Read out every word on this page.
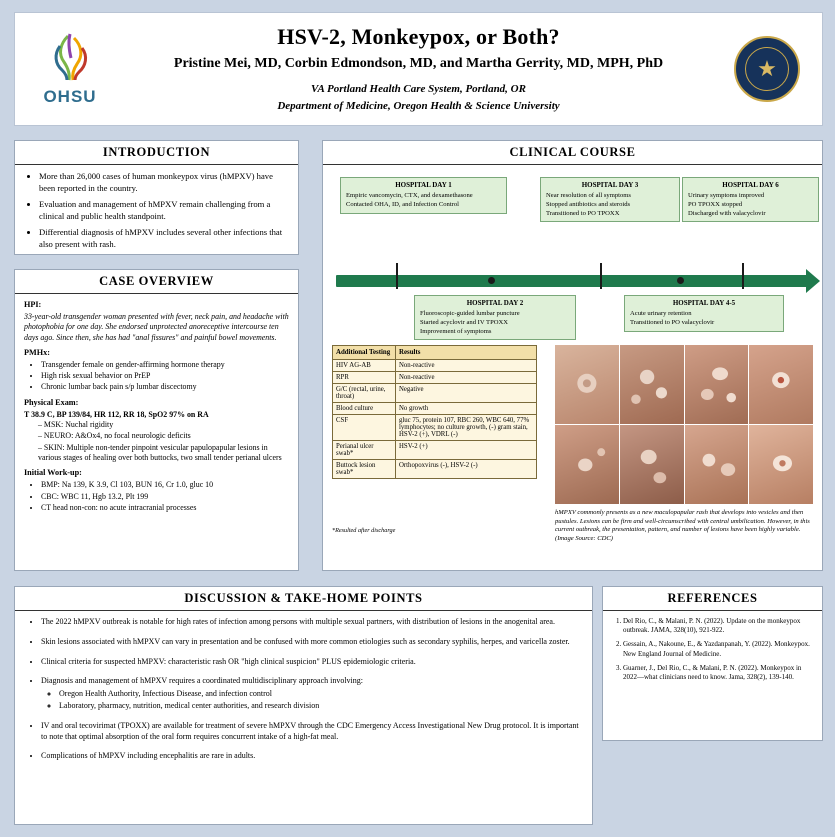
OHSU
HSV-2, Monkeypox, or Both?
Pristine Mei, MD, Corbin Edmondson, MD, and Martha Gerrity, MD, MPH, PhD
VA Portland Health Care System, Portland, OR
Department of Medicine, Oregon Health & Science University
★
INTRODUCTION
• More than 26,000 cases of human monkeypox virus (hMPXV) have been reported in the country.
• Evaluation and management of hMPXV remain challenging from a clinical and public health standpoint.
• Differential diagnosis of hMPXV includes several other infections that also present with rash.
CASE OVERVIEW
HPI:
33-year-old transgender woman presented with fever, neck pain, and headache with photophobia for one day. She endorsed unprotected anoreceptive intercourse ten days ago. Since then, she has had "anal fissures" and painful bowel movements.
PMHx:
• Transgender female on gender-affirming hormone therapy
• High risk sexual behavior on PrEP
• Chronic lumbar back pain s/p lumbar discectomy
Physical Exam:
T 38.9 C, BP 139/84, HR 112, RR 18, SpO2 97% on RA
– MSK: Nuchal rigidity
– NEURO: A&Ox4, no focal neurologic deficits
– SKIN: Multiple non-tender pinpoint vesicular papulopapular lesions in various stages of healing over both buttocks, two small tender perianal ulcers
Initial Work-up:
• BMP: Na 139, K 3.9, Cl 103, BUN 16, Cr 1.0, gluc 10
• CBC: WBC 11, Hgb 13.2, Plt 199
• CT head non-con: no acute intracranial processes
CLINICAL COURSE
HOSPITAL DAY 1
Empiric vancomycin, CTX, and dexamethasone
Contacted OHA, ID, and Infection Control
HOSPITAL DAY 3
Near resolution of all symptoms
Stopped antibiotics and steroids
Transitioned to PO TPOXX
HOSPITAL DAY 6
Urinary symptoms improved
PO TPOXX stopped
Discharged with valacyclovir
HOSPITAL DAY 2
Fluoroscopic-guided lumbar puncture
Started acyclovir and IV TPOXX
Improvement of symptoms
HOSPITAL DAY 4-5
Acute urinary retention
Transitioned to PO valacyclovir
Additional Testing	Results
HIV AG-AB	Non-reactive
RPR	Non-reactive
G/C (rectal, urine, throat)	Negative
Blood culture	No growth
CSF	gluc 75, protein 107, RBC 260, WBC 640, 77% lymphocytes; no culture growth, (-) gram stain, HSV-2 (+), VDRL (-)
Perianal ulcer swab*	HSV-2 (+)
Buttock lesion swab*	Orthopoxvirus (-), HSV-2 (-)
*Resulted after discharge
hMPXV commonly presents as a new maculopapular rash that develops into vesicles and then pustules. Lesions can be firm and well-circumscribed with central umbilication. However, in this current outbreak, the presentation, pattern, and number of lesions have been highly variable. (Image Source: CDC)
DISCUSSION & TAKE-HOME POINTS
• The 2022 hMPXV outbreak is notable for high rates of infection among persons with multiple sexual partners, with distribution of lesions in the anogenital area.
• Skin lesions associated with hMPXV can vary in presentation and be confused with more common etiologies such as secondary syphilis, herpes, and varicella zoster.
• Clinical criteria for suspected hMPXV: characteristic rash OR "high clinical suspicion" PLUS epidemiologic criteria.
• Diagnosis and management of hMPXV requires a coordinated multidisciplinary approach involving:
◦ Oregon Health Authority, Infectious Disease, and infection control
◦ Laboratory, pharmacy, nutrition, medical center authorities, and research division
• IV and oral tecovirimat (TPOXX) are available for treatment of severe hMPXV through the CDC Emergency Access Investigational New Drug protocol. It is important to note that optimal absorption of the oral form requires concurrent intake of a high-fat meal.
• Complications of hMPXV including encephalitis are rare in adults.
REFERENCES
1. Del Rio, C., & Malani, P. N. (2022). Update on the monkeypox outbreak. JAMA, 328(10), 921-922.
2. Gessain, A., Nakoune, E., & Yazdanpanah, Y. (2022). Monkeypox. New England Journal of Medicine.
3. Guarner, J., Del Rio, C., & Malani, P. N. (2022). Monkeypox in 2022—what clinicians need to know. Jama, 328(2), 139-140.
